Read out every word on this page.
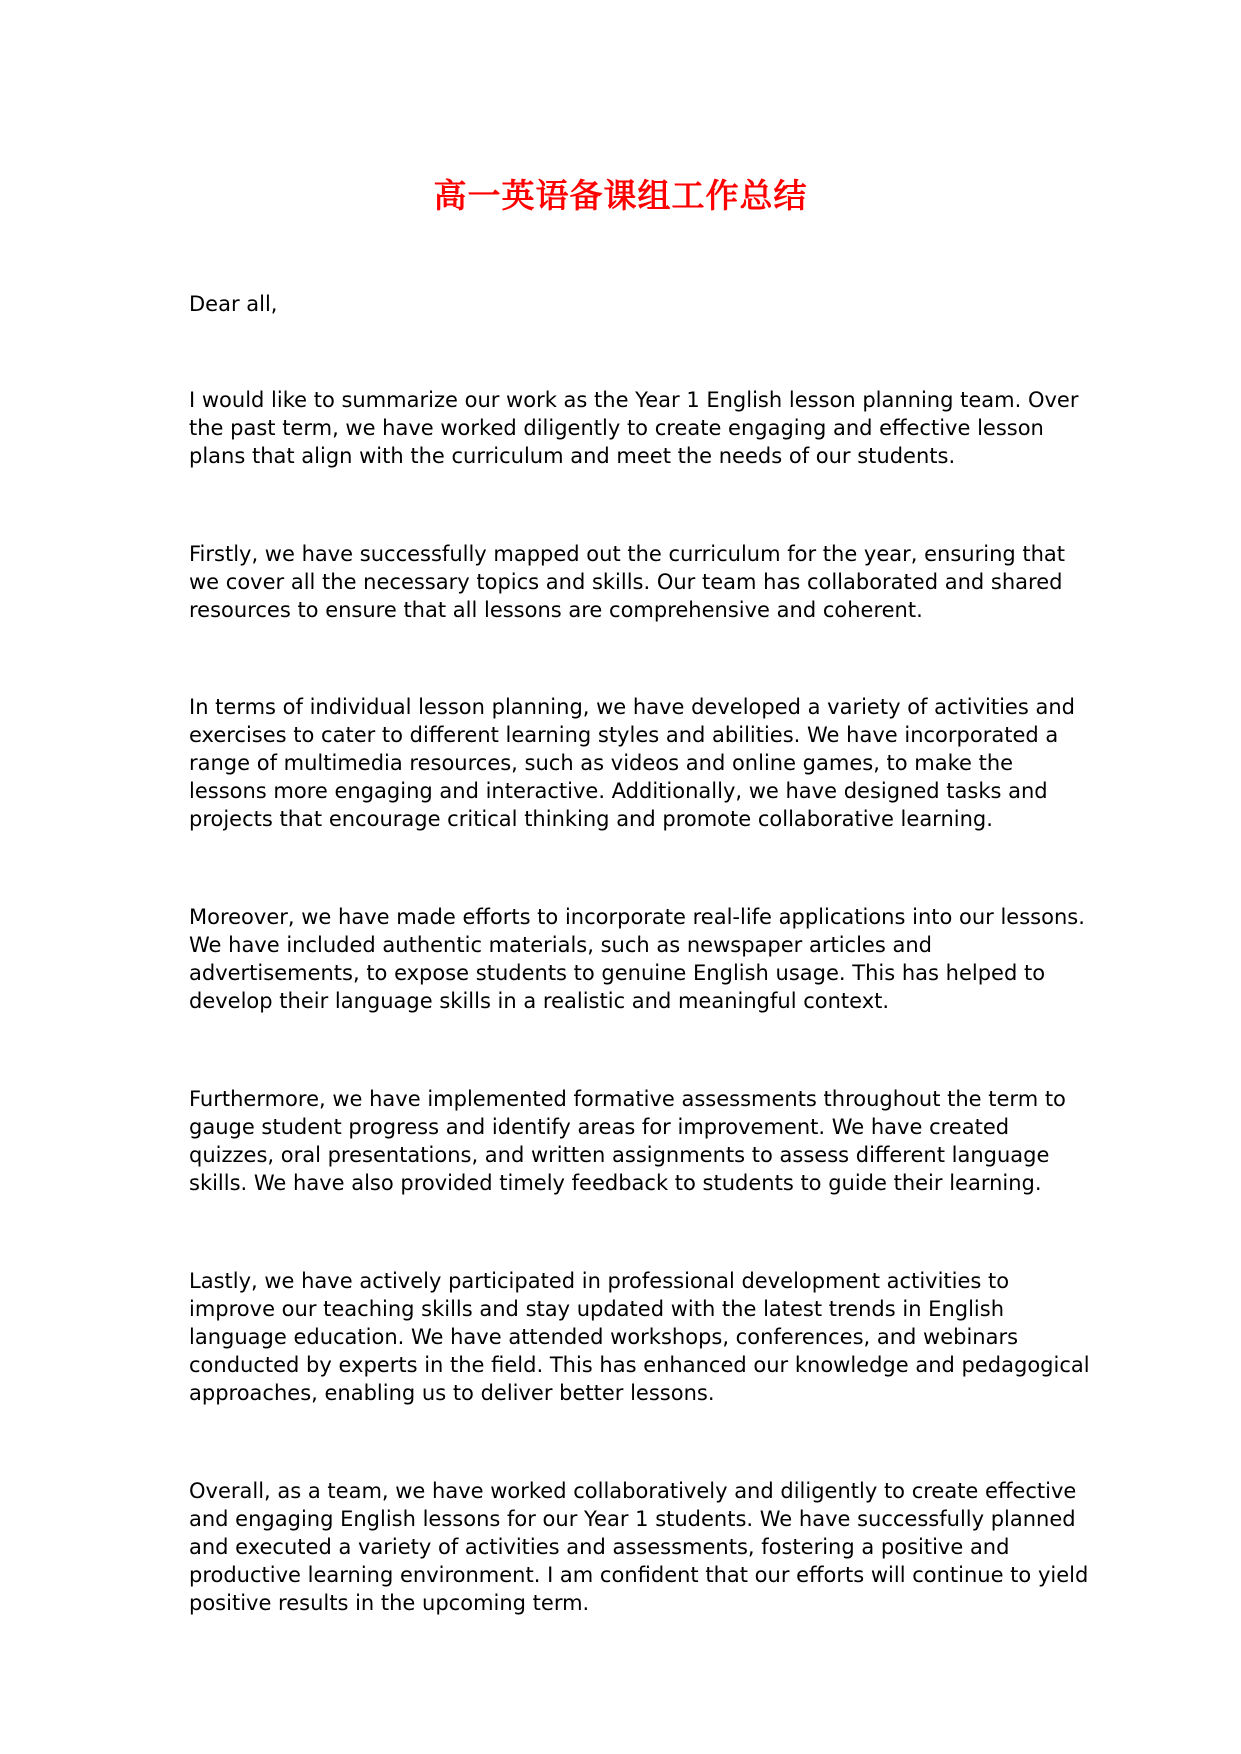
高一英语备课组工作总结

Dear all,

I would like to summarize our work as the Year 1 English lesson planning team. Over
the past term, we have worked diligently to create engaging and effective lesson
plans that align with the curriculum and meet the needs of our students.

Firstly, we have successfully mapped out the curriculum for the year, ensuring that
we cover all the necessary topics and skills. Our team has collaborated and shared
resources to ensure that all lessons are comprehensive and coherent.

In terms of individual lesson planning, we have developed a variety of activities and
exercises to cater to different learning styles and abilities. We have incorporated a
range of multimedia resources, such as videos and online games, to make the
lessons more engaging and interactive. Additionally, we have designed tasks and
projects that encourage critical thinking and promote collaborative learning.

Moreover, we have made efforts to incorporate real-life applications into our lessons.
We have included authentic materials, such as newspaper articles and
advertisements, to expose students to genuine English usage. This has helped to
develop their language skills in a realistic and meaningful context.

Furthermore, we have implemented formative assessments throughout the term to
gauge student progress and identify areas for improvement. We have created
quizzes, oral presentations, and written assignments to assess different language
skills. We have also provided timely feedback to students to guide their learning.

Lastly, we have actively participated in professional development activities to
improve our teaching skills and stay updated with the latest trends in English
language education. We have attended workshops, conferences, and webinars
conducted by experts in the field. This has enhanced our knowledge and pedagogical
approaches, enabling us to deliver better lessons.

Overall, as a team, we have worked collaboratively and diligently to create effective
and engaging English lessons for our Year 1 students. We have successfully planned
and executed a variety of activities and assessments, fostering a positive and
productive learning environment. I am confident that our efforts will continue to yield
positive results in the upcoming term.
